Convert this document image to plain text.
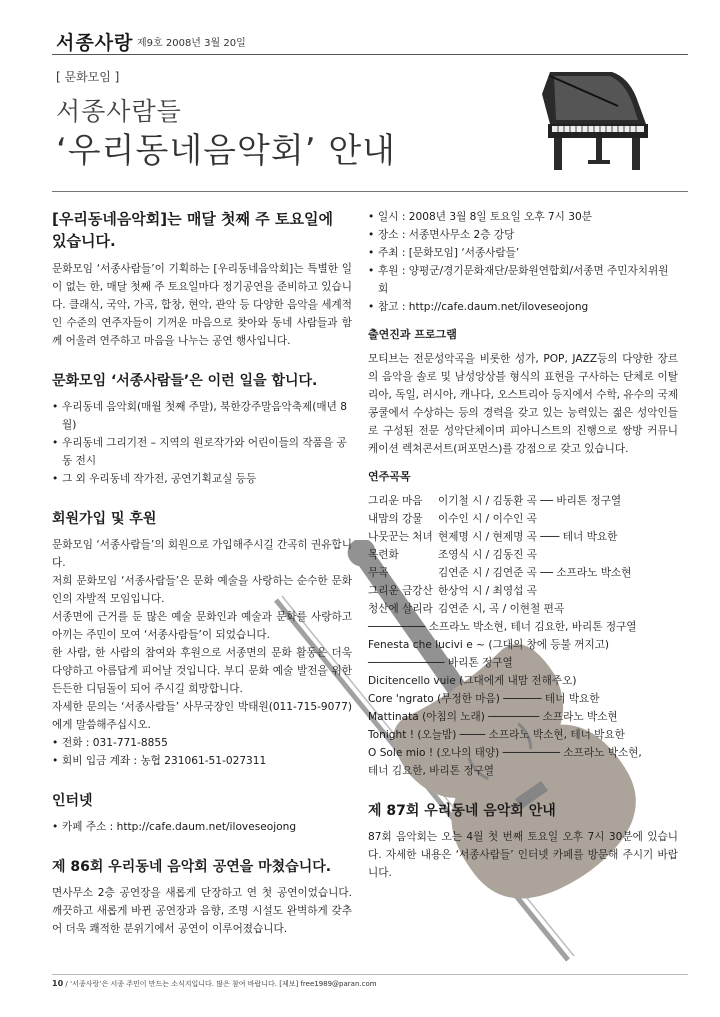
서종사랑 제9호 2008년 3월 20일
[ 문화모임 ]
서종사람들
‘우리동네음악회’ 안내
[우리동네음악회]는 매달 첫째 주 토요일에 있습니다.

문화모임 ‘서종사람들’이 기획하는 [우리동네음악회]는 특별한 일이 없는 한, 매달 첫째 주 토요일마다 정기공연을 준비하고 있습니다. 클래식, 국악, 가곡, 합창, 현악, 관악 등 다양한 음악을 세계적인 수준의 연주자들이 기꺼운 마음으로 찾아와 동네 사람들과 함께 어울려 연주하고 마음을 나누는 공연 행사입니다.

문화모임 ‘서종사람들’은 이런 일을 합니다.
• 우리동네 음악회(매월 첫째 주말), 북한강주말음악축제(매년 8월)
• 우리동네 그리기전 – 지역의 원로작가와 어린이들의 작품을 공동 전시
• 그 외 우리동네 작가전, 공연기획교실 등등
회원가입 및 후원

문화모임 ‘서종사람들’의 회원으로 가입해주시길 간곡히 권유합니다.

저희 문화모임 ‘서종사람들’은 문화 예술을 사랑하는 순수한 문화인의 자발적 모임입니다.

서종면에 근거를 둔 많은 예술 문화인과 예술과 문화를 사랑하고 아끼는 주민이 모여 ‘서종사람들’이 되었습니다.

한 사람, 한 사람의 참여와 후원으로 서종면의 문화 활동은 더욱 다양하고 아름답게 피어날 것입니다. 부디 문화 예술 발전을 위한 든든한 디딤돌이 되어 주시길 희망합니다.

자세한 문의는 ‘서종사람들’ 사무국장인 박태원(011-715-9077)에게 말씀해주십시오.

• 전화 : 031-771-8855
• 회비 입금 계좌 : 농협 231061-51-027311
인터넷
• 카페 주소 : http://cafe.daum.net/iloveseojong
제 86회 우리동네 음악회 공연을 마쳤습니다.

면사무소 2층 공연장을 새롭게 단장하고 연 첫 공연이었습니다. 깨끗하고 새롭게 바뀐 공연장과 음향, 조명 시설도 완벽하게 갖추어 더욱 쾌적한 분위기에서 공연이 이루어졌습니다.

• 일시 : 2008년 3월 8일 토요일 오후 7시 30분
• 장소 : 서종면사무소 2층 강당
• 주최 : [문화모임] ‘서종사람들’
• 후원 : 양평군/경기문화재단/문화원연합회/서종면 주민자치위원회
• 참고 : http://cafe.daum.net/iloveseojong
출연진과 프로그램

모티브는 전문성악곡을 비롯한 성가, POP, JAZZ등의 다양한 장르의 음악을 솔로 및 남성앙상블 형식의 표현을 구사하는 단체로 이탈리아, 독일, 러시아, 캐나다, 오스트리아 등지에서 수학, 유수의 국제콩쿨에서 수상하는 등의 경력을 갖고 있는 능력있는 젊은 성악인들로 구성된 전문 성악단체이며 피아니스트의 진행으로 쌍방 커뮤니케이션 렉쳐콘서트(퍼포먼스)를 강점으로 갖고 있습니다.

연주곡목
그리운 마음	이기철 시 / 김동환 곡 ── 바리톤 정구열
내맘의 강물	이수인 시 / 이수인 곡
나뭇꾼는 처녀 현제명 시 / 현제명 곡 ─── 테너 박요한
목련화	조영식 시 / 김동진 곡
무곡	김연준 시 / 김연준 곡 ── 소프라노 박소현
그리운 금강산 한상억 시 / 최영섭 곡
청산에 살리라 김연준 시, 곡 / 이현철 편곡
───────── 소프라노 박소현, 테너 김요한, 바리톤 정구열
Fenesta che lucivi e ~ (그대의 창에 등불 꺼지고)
──────────── 바리톤 정구열
Dicitencello vuie (그대에게 내맘 전해주오)
Core 'ngrato (무정한 마음) ────── 테너 박요한
Mattinata (아침의 노래) ──────── 소프라노 박소현
Tonight ! (오늘밤) ──── 소프라노 박소현, 테너 박요한
O Sole mio ! (오나의 태양) ───────── 소프라노 박소현,
테너 김요한, 바리톤 정구열
제 87회 우리동네 음악회 안내

87회 음악회는 오는 4월 첫 번째 토요일 오후 7시 30분에 있습니다. 자세한 내용은 ‘서종사람들’ 인터넷 카페를 방문해 주시기 바랍니다.

10 / ‘서종사랑’은 서종 주민이 만드는 소식지입니다. 많은 참여 바랍니다. [제보] free1989@paran.com
